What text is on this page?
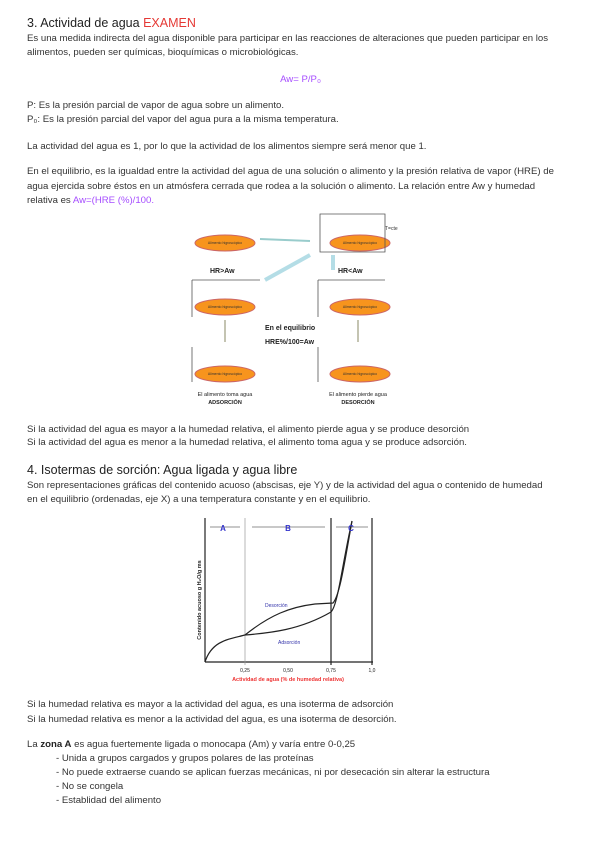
3. Actividad de agua EXAMEN
Es una medida indirecta del agua disponible para participar en las reacciones de alteraciones que pueden participar en los
alimentos, pueden ser químicas, bioquímicas o microbiológicas.
Aw= P/P₀
P: Es la presión parcial de vapor de agua sobre un alimento.
P₀: Es la presión parcial del vapor del agua pura a la misma temperatura.
La actividad del agua es 1, por lo que la actividad de los alimentos siempre será menor que 1.
En el equilibrio, es la igualdad entre la actividad del agua de una solución o alimento y la presión relativa de vapor (HRE) de
agua ejercida sobre éstos en un atmósfera cerrada que rodea a la solución o alimento. La relación entre Aw y humedad
relativa es Aw=(HRE (%)/100.
Alimento higroscópico	Alimento higroscópico
Alimento higroscópico	Alimento higroscópico
Alimento higroscópico	Alimento higroscópico
T=cte
HR>Aw	HR<Aw
En el equilibrio
HRE%/100=Aw
El alimento toma agua
ADSORCIÓN
El alimento pierde agua
DESORCIÓN
Si la actividad del agua es mayor a la humedad relativa, el alimento pierde agua y se produce desorción
Si la actividad del agua es menor a la humedad relativa, el alimento toma agua y se produce adsorción.
4. Isotermas de sorción: Agua ligada y agua libre
Son representaciones gráficas del contenido acuoso (abscisas, eje Y) y de la actividad del agua o contenido de humedad
en el equilibrio (ordenadas, eje X) a una temperatura constante y en el equilibrio.
A	B	C
Desorción
Adsorción
0,25	0,50	0,75	1,0
Actividad de agua (% de humedad relativa)
Contenido acuoso g H₂O/g ms
Si la humedad relativa es mayor a la actividad del agua, es una isoterma de adsorción
Si la humedad relativa es menor a la actividad del agua, es una isoterma de desorción.
La zona A es agua fuertemente ligada o monocapa (Am) y varía entre 0-0,25
- Unida a grupos cargados y grupos polares de las proteínas
- No puede extraerse cuando se aplican fuerzas mecánicas, ni por desecación sin alterar la estructura
- No se congela
- Establidad del alimento
